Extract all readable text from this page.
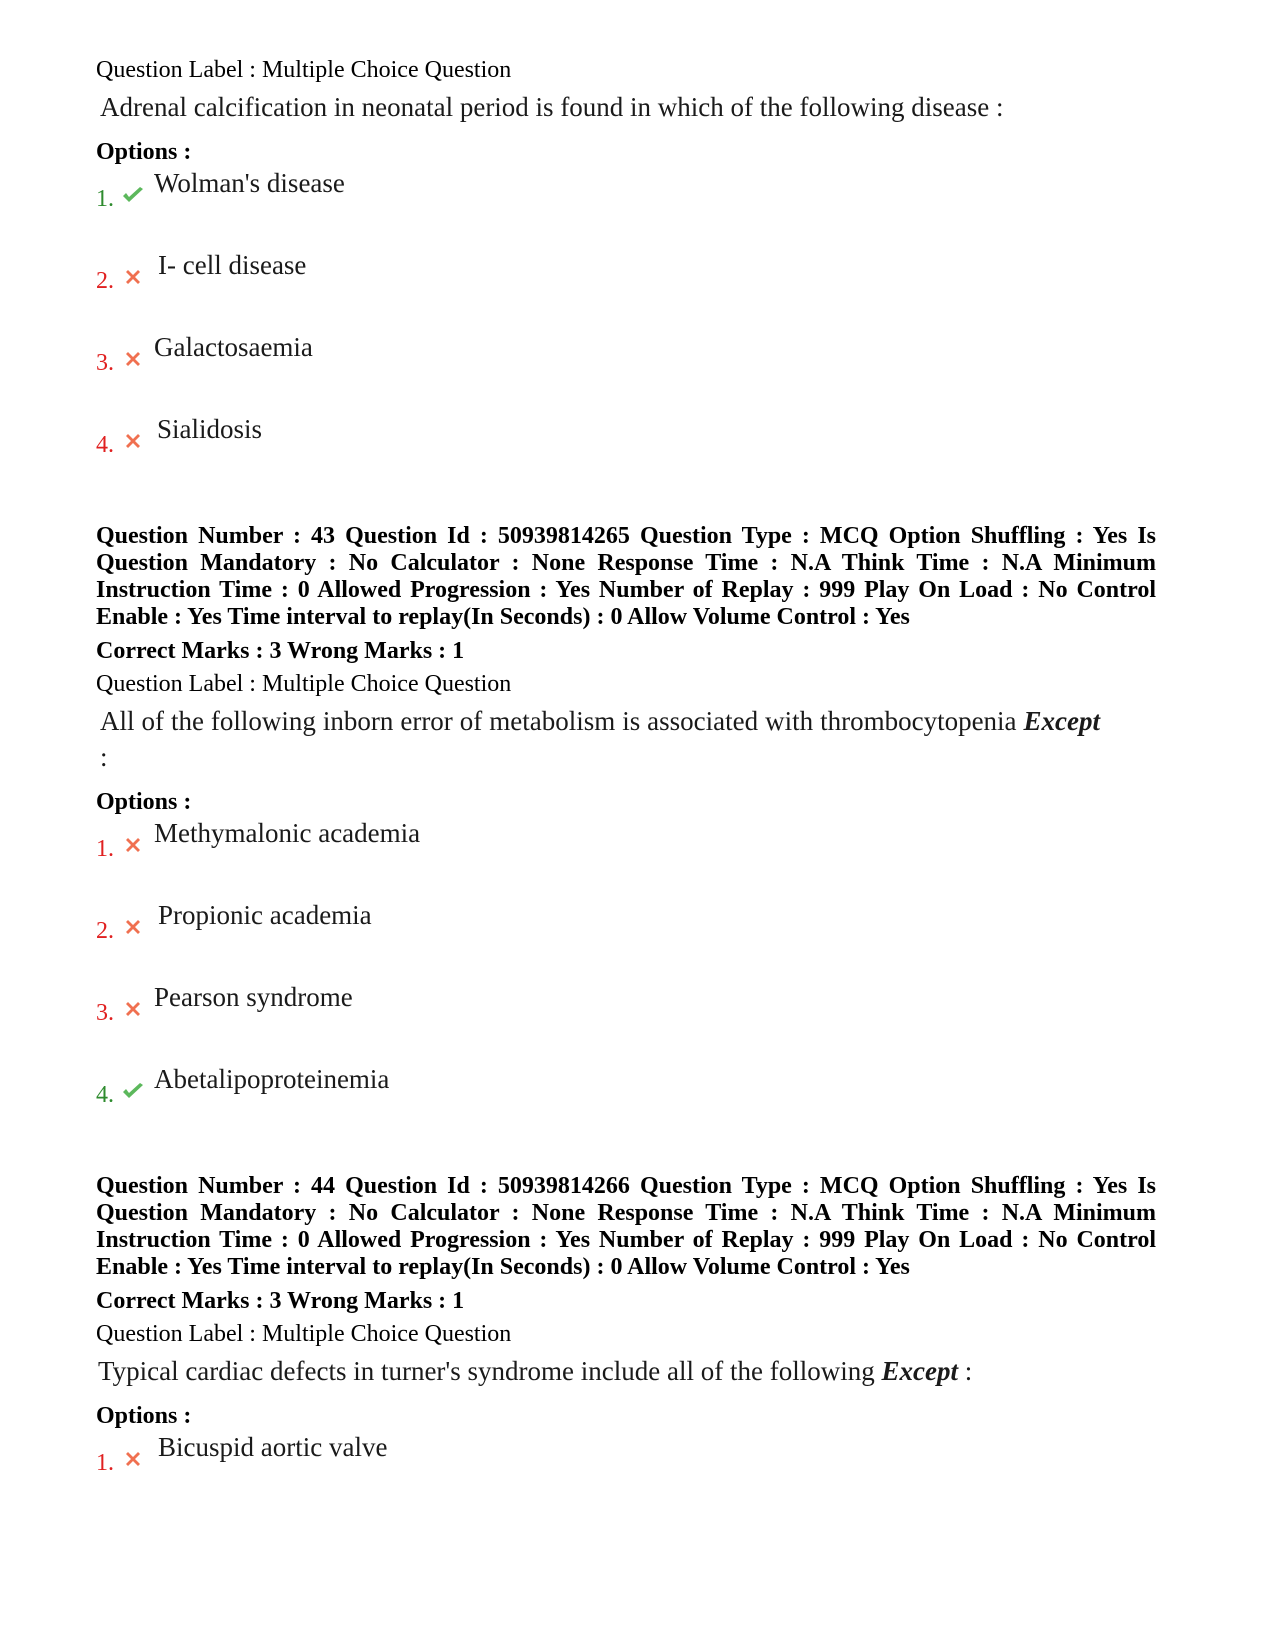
Question Label : Multiple Choice Question

Adrenal calcification in neonatal period is found in which of the following disease :

Options :

1.
Wolman's disease
2.
I- cell disease
3.
Galactosaemia
4.
Sialidosis

Question Number : 43 Question Id : 50939814265 Question Type : MCQ Option Shuffling : Yes Is Question Mandatory : No Calculator : None Response Time : N.A Think Time : N.A Minimum Instruction Time : 0 Allowed Progression : Yes Number of Replay : 999 Play On Load : No Control Enable : Yes Time interval to replay(In Seconds) : 0 Allow Volume Control : Yes

Correct Marks : 3 Wrong Marks : 1

Question Label : Multiple Choice Question

All of the following inborn error of metabolism is associated with thrombocytopenia Except :

Options :

1.
Methymalonic academia
2.
Propionic academia
3.
Pearson syndrome
4.
Abetalipoproteinemia

Question Number : 44 Question Id : 50939814266 Question Type : MCQ Option Shuffling : Yes Is Question Mandatory : No Calculator : None Response Time : N.A Think Time : N.A Minimum Instruction Time : 0 Allowed Progression : Yes Number of Replay : 999 Play On Load : No Control Enable : Yes Time interval to replay(In Seconds) : 0 Allow Volume Control : Yes

Correct Marks : 3 Wrong Marks : 1

Question Label : Multiple Choice Question

Typical cardiac defects in turner's syndrome include all of the following Except :

Options :

1.
Bicuspid aortic valve
